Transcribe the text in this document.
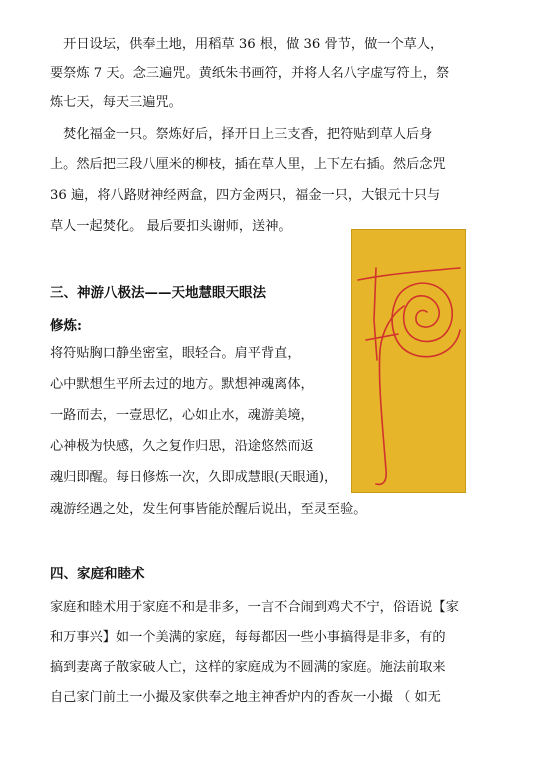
　开日设坛，供奉土地，用稻草 36 根，做 36 骨节，做一个草人，

要祭炼 7 天。念三遍咒。黄纸朱书画符，并将人名八字虚写符上，祭

炼七天，每天三遍咒。

　焚化福金一只。祭炼好后，择开日上三支香，把符贴到草人后身

上。然后把三段八厘米的柳枝，插在草人里，上下左右插。然后念咒

36 遍，将八路财神经两盒，四方金两只，福金一只，大银元十只与

草人一起焚化。 最后要扣头谢师，送神。

三、神游八极法——天地慧眼天眼法

修炼:

将符贴胸口静坐密室，眼轻合。肩平背直，

心中默想生平所去过的地方。默想神魂离体，

一路而去，一壹思忆，心如止水，魂游美境，

心神极为快感，久之复作归思，沿途悠然而返

魂归即醒。每日修炼一次，久即成慧眼(天眼通)，

魂游经遇之处，发生何事皆能於醒后说出，至灵至验。

四、家庭和睦术

家庭和睦术用于家庭不和是非多，一言不合闹到鸡犬不宁，俗语说【家

和万事兴】如一个美满的家庭，每每都因一些小事搞得是非多，有的

搞到妻离子散家破人亡，这样的家庭成为不圆满的家庭。施法前取来

自己家门前土一小撮及家供奉之地主神香炉内的香灰一小撮 （ 如无
